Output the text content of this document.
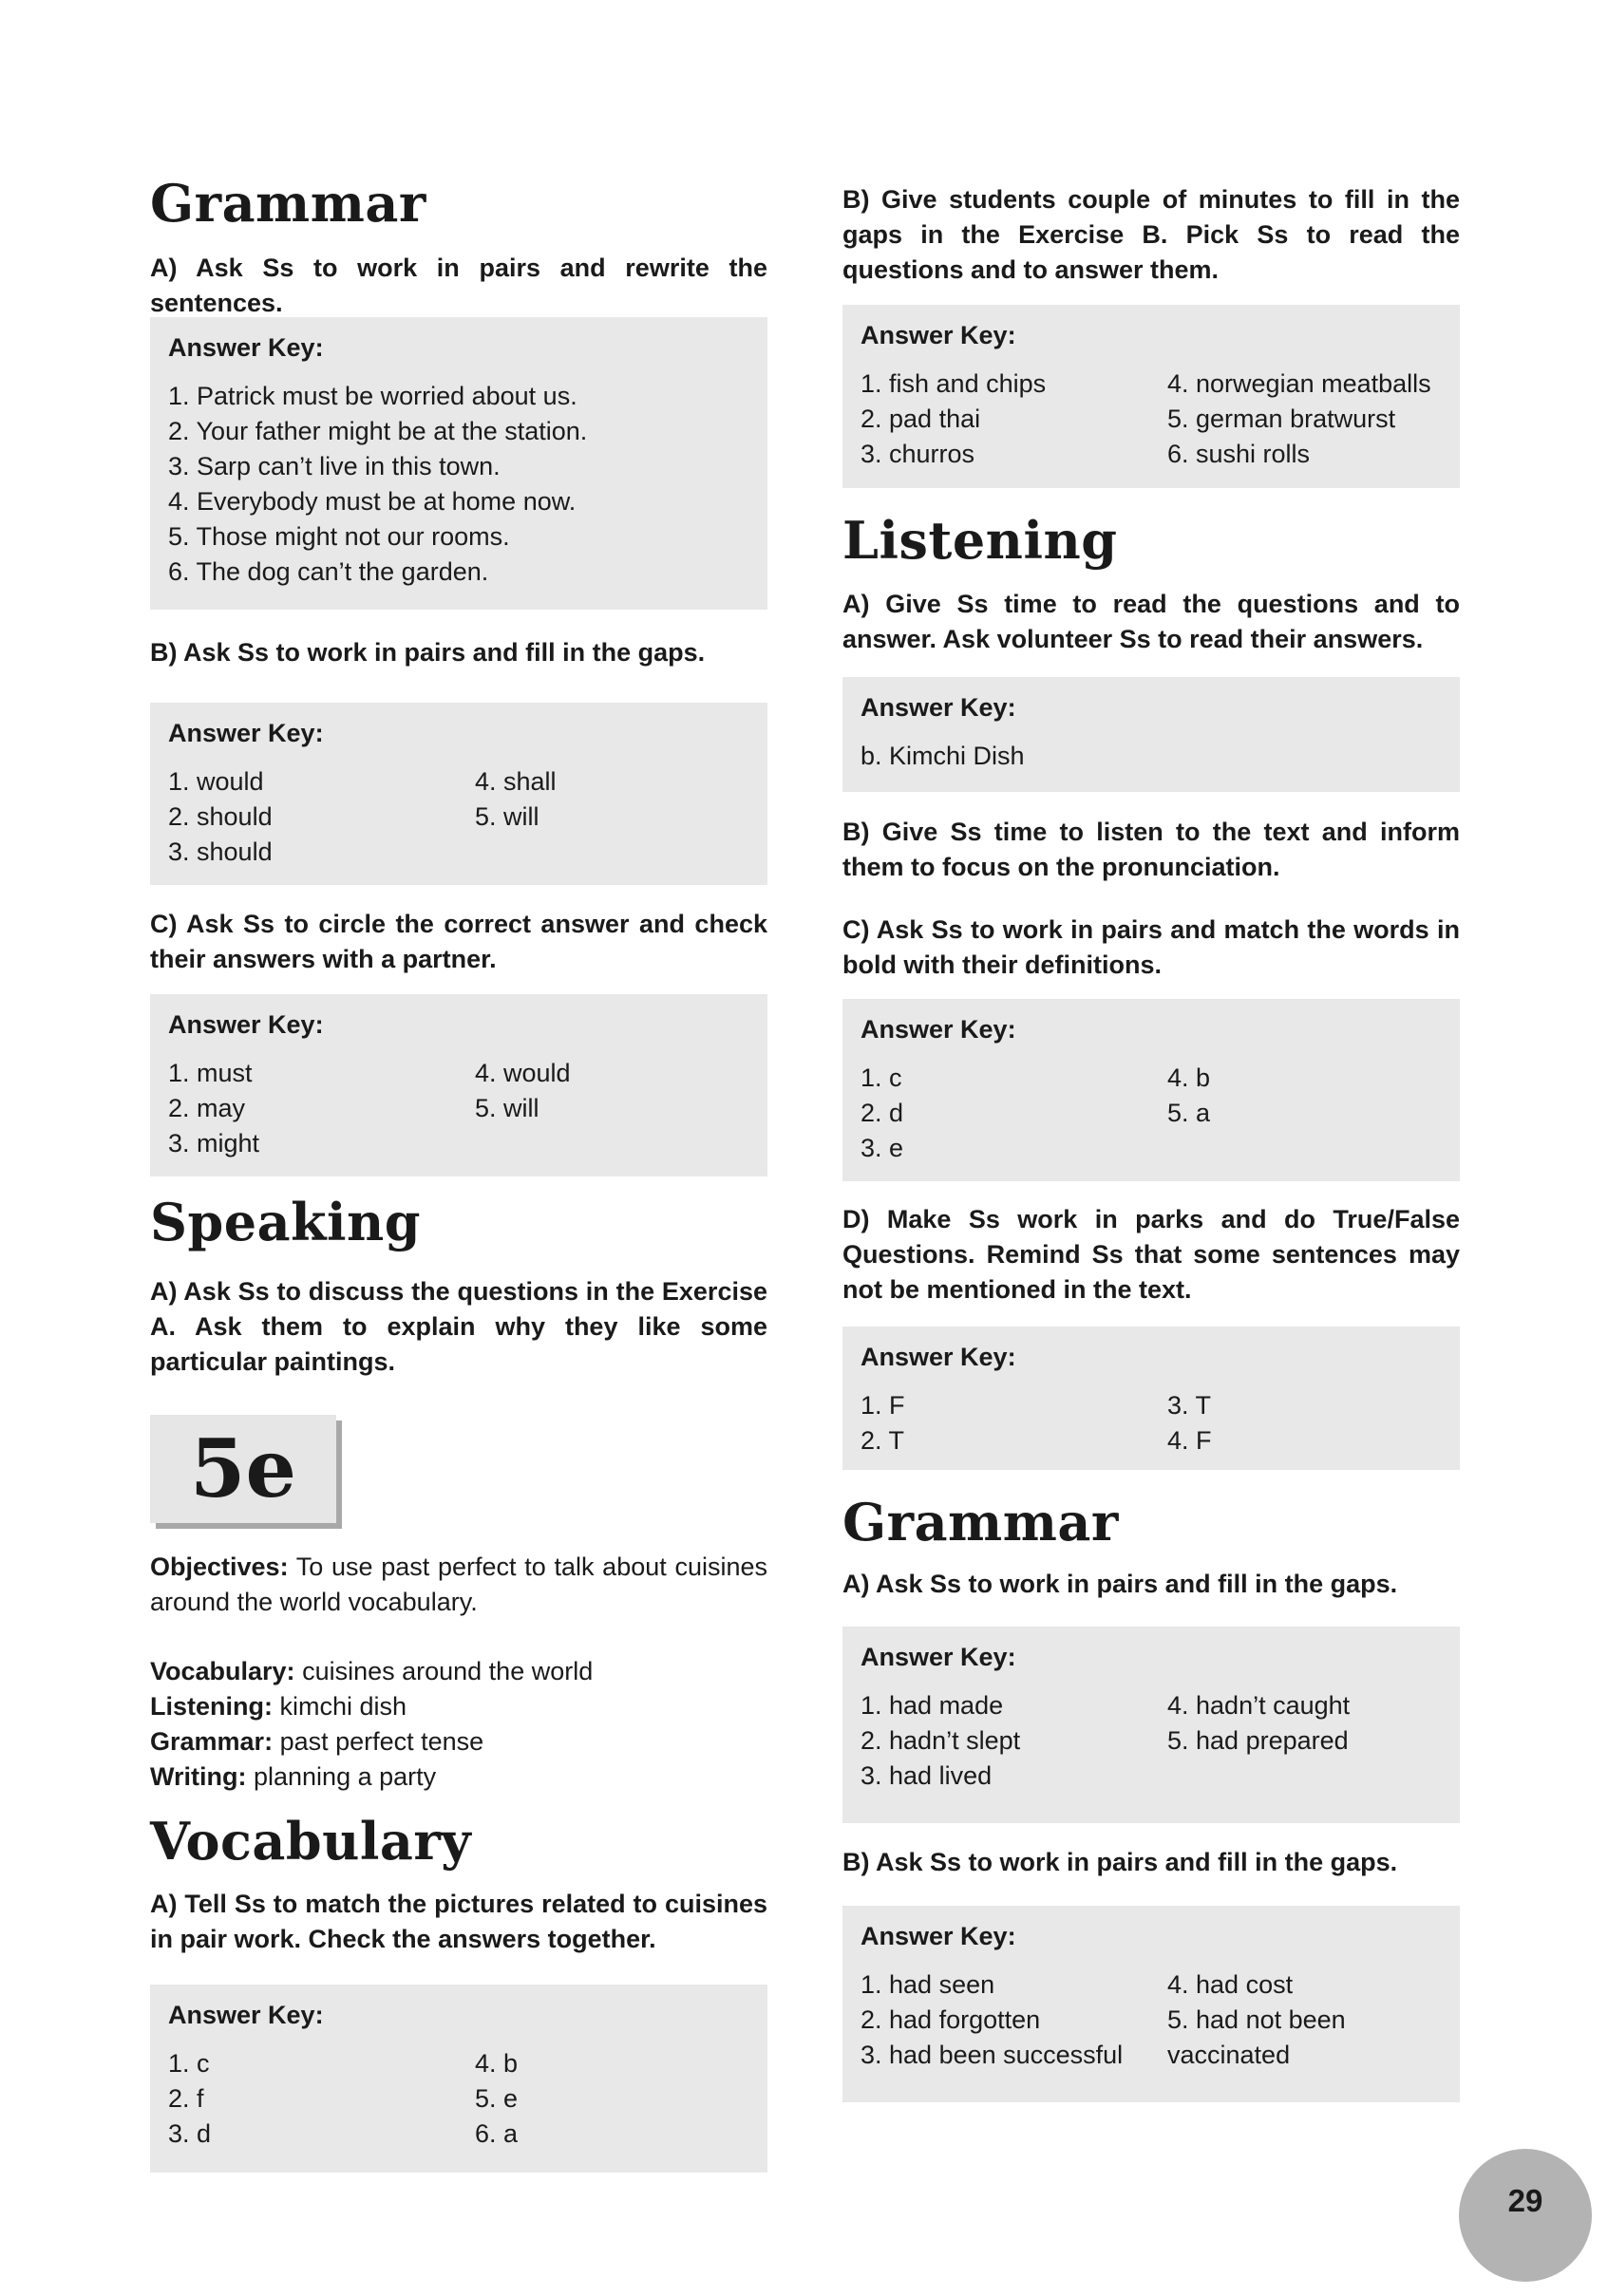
Grammar
A) Ask Ss to work in pairs and rewrite the sentences.
Answer Key:
1. Patrick must be worried about us.
2. Your father might be at the station.
3. Sarp can’t live in this town.
4. Everybody must be at home now.
5. Those might not our rooms.
6. The dog can’t the garden.
B) Ask Ss to work in pairs and fill in the gaps.
Answer Key:
1. would	4. shall
2. should	5. will
3. should
C) Ask Ss to circle the correct answer and check their answers with a partner.
Answer Key:
1. must	4. would
2. may	5. will
3. might
Speaking
A) Ask Ss to discuss the questions in the Exercise A. Ask them to explain why they like some particular paintings.
5e
Objectives: To use past perfect to talk about cuisines around the world vocabulary.
Vocabulary: cuisines around the world
Listening: kimchi dish
Grammar: past perfect tense
Writing: planning a party
Vocabulary
A) Tell Ss to match the pictures related to cuisines in pair work. Check the answers together.
Answer Key:
1. c	4. b
2. f	5. e
3. d	6. a
B) Give students couple of minutes to fill in the gaps in the Exercise B. Pick Ss to read the questions and to answer them.
Answer Key:
1. fish and chips	4. norwegian meatballs
2. pad thai	5. german bratwurst
3. churros	6. sushi rolls
Listening
A) Give Ss time to read the questions and to answer. Ask volunteer Ss to read their answers.
Answer Key:
b. Kimchi Dish
B) Give Ss time to listen to the text and inform them to focus on the pronunciation.
C) Ask Ss to work in pairs and match the words in bold with their definitions.
Answer Key:
1. c	4. b
2. d	5. a
3. e
D) Make Ss work in parks and do True/False Questions. Remind Ss that some sentences may not be mentioned in the text.
Answer Key:
1. F	3. T
2. T	4. F
Grammar
A) Ask Ss to work in pairs and fill in the gaps.
Answer Key:
1. had made	4. hadn’t caught
2. hadn’t slept	5. had prepared
3. had lived
B) Ask Ss to work in pairs and fill in the gaps.
Answer Key:
1. had seen	4. had cost
2. had forgotten	5. had not been
3. had been successful	vaccinated
29
